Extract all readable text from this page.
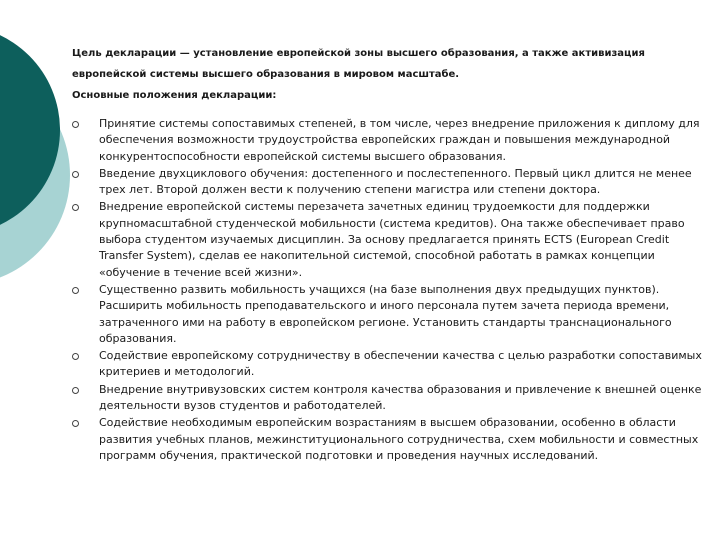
Цель декларации — установление европейской зоны высшего образования, а также активизация европейской системы высшего образования в мировом масштабе.

Основные положения декларации:

Принятие системы сопоставимых степеней, в том числе, через внедрение приложения к диплому для обеспечения возможности трудоустройства европейских граждан и повышения международной конкурентоспособности европейской системы высшего образования.
Введение двухциклового обучения: достепенного и послестепенного. Первый цикл длится не менее трех лет. Второй должен вести к получению степени магистра или степени доктора.
Внедрение европейской системы перезачета зачетных единиц трудоемкости для поддержки крупномасштабной студенческой мобильности (система кредитов). Она также обеспечивает право выбора студентом изучаемых дисциплин. За основу предлагается принять ECTS (European Credit Transfer System), сделав ее накопительной системой, способной работать в рамках концепции «обучение в течение всей жизни».
Существенно развить мобильность учащихся (на базе выполнения двух предыдущих пунктов). Расширить мобильность преподавательского и иного персонала путем зачета периода времени, затраченного ими на работу в европейском регионе. Установить стандарты транснационального образования.
Содействие европейскому сотрудничеству в обеспечении качества с целью разработки сопоставимых критериев и методологий.
Внедрение внутривузовских систем контроля качества образования и привлечение к внешней оценке деятельности вузов студентов и работодателей.
Содействие необходимым европейским возрастаниям в высшем образовании, особенно в области развития учебных планов, межинституционального сотрудничества, схем мобильности и совместных программ обучения, практической подготовки и проведения научных исследований.
